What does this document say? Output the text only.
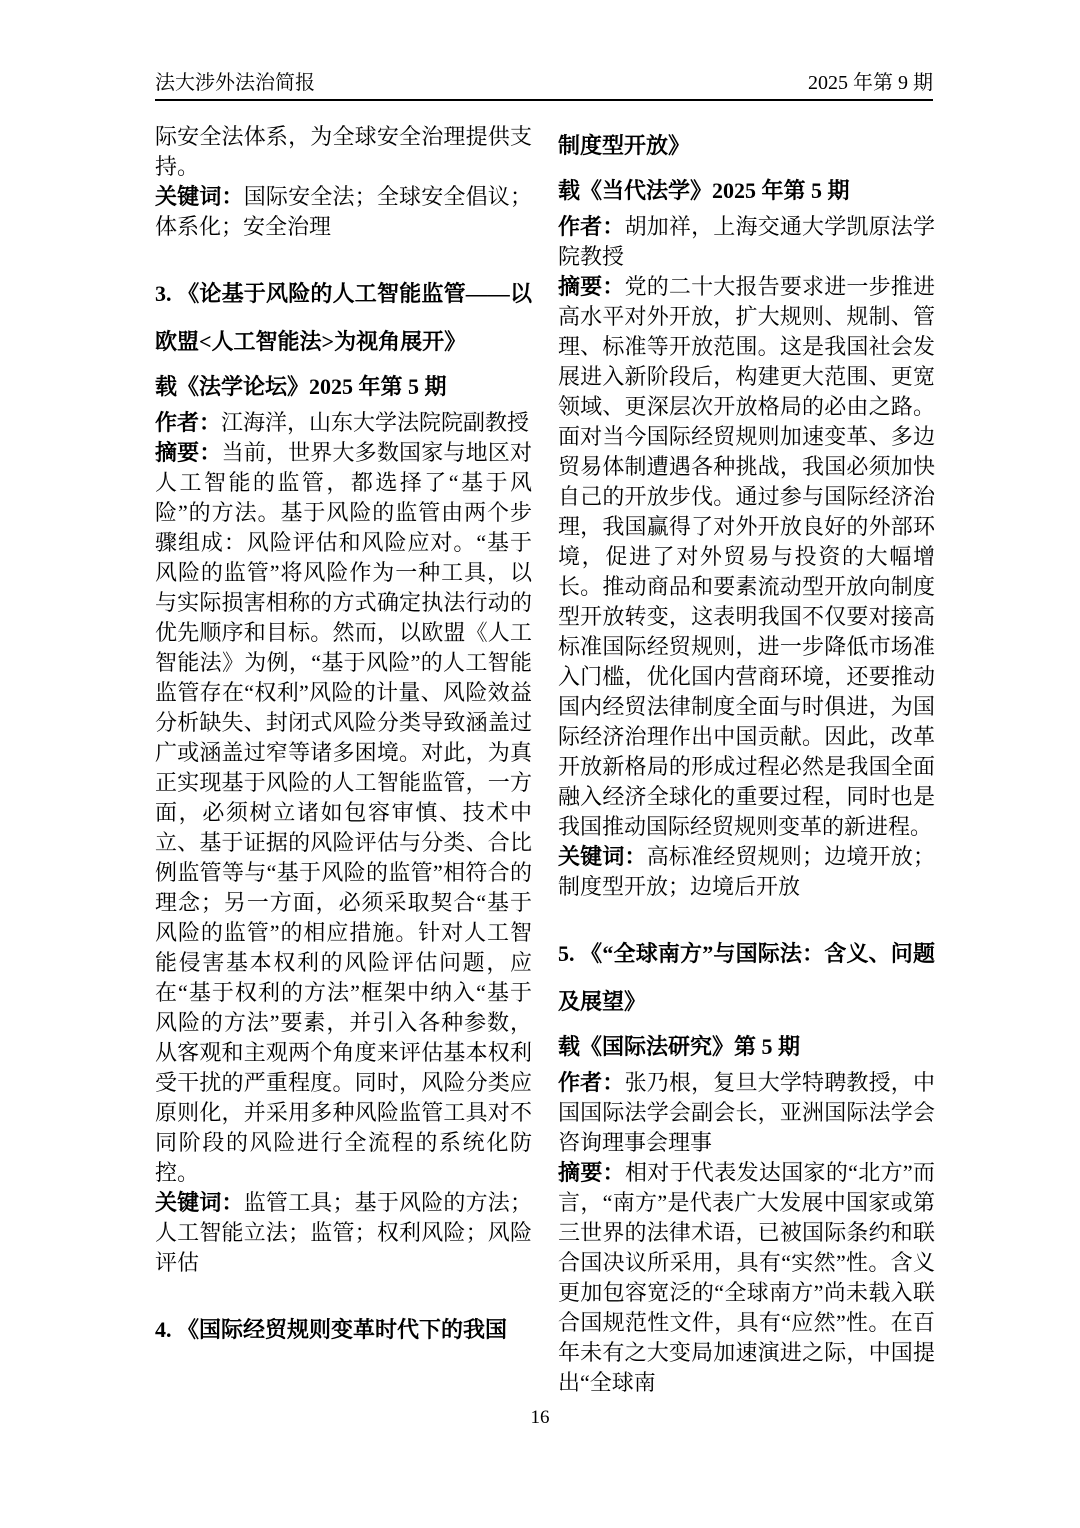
法大涉外法治简报	2025 年第 9 期

际安全法体系，为全球安全治理提供支持。

关键词：国际安全法；全球安全倡议；体系化；安全治理

3. 《论基于风险的人工智能监管——以欧盟<人工智能法>为视角展开》

载《法学论坛》2025 年第 5 期

作者：江海洋，山东大学法院院副教授

摘要：当前，世界大多数国家与地区对人工智能的监管，都选择了“基于风险”的方法。基于风险的监管由两个步骤组成：风险评估和风险应对。“基于风险的监管”将风险作为一种工具，以与实际损害相称的方式确定执法行动的优先顺序和目标。然而，以欧盟《人工智能法》为例，“基于风险”的人工智能监管存在“权利”风险的计量、风险效益分析缺失、封闭式风险分类导致涵盖过广或涵盖过窄等诸多困境。对此，为真正实现基于风险的人工智能监管，一方面，必须树立诸如包容审慎、技术中立、基于证据的风险评估与分类、合比例监管等与“基于风险的监管”相符合的理念；另一方面，必须采取契合“基于风险的监管”的相应措施。针对人工智能侵害基本权利的风险评估问题，应在“基于权利的方法”框架中纳入“基于风险的方法”要素，并引入各种参数，从客观和主观两个角度来评估基本权利受干扰的严重程度。同时，风险分类应原则化，并采用多种风险监管工具对不同阶段的风险进行全流程的系统化防控。

关键词：监管工具；基于风险的方法；人工智能立法；监管；权利风险；风险评估

4. 《国际经贸规则变革时代下的我国

制度型开放》

载《当代法学》2025 年第 5 期

作者：胡加祥，上海交通大学凯原法学院教授

摘要：党的二十大报告要求进一步推进高水平对外开放，扩大规则、规制、管理、标准等开放范围。这是我国社会发展进入新阶段后，构建更大范围、更宽领域、更深层次开放格局的必由之路。面对当今国际经贸规则加速变革、多边贸易体制遭遇各种挑战，我国必须加快自己的开放步伐。通过参与国际经济治理，我国赢得了对外开放良好的外部环境，促进了对外贸易与投资的大幅增长。推动商品和要素流动型开放向制度型开放转变，这表明我国不仅要对接高标准国际经贸规则，进一步降低市场准入门槛，优化国内营商环境，还要推动国内经贸法律制度全面与时俱进，为国际经济治理作出中国贡献。因此，改革开放新格局的形成过程必然是我国全面融入经济全球化的重要过程，同时也是我国推动国际经贸规则变革的新进程。

关键词：高标准经贸规则；边境开放；制度型开放；边境后开放

5. 《“全球南方”与国际法：含义、问题及展望》

载《国际法研究》第 5 期

作者：张乃根，复旦大学特聘教授，中国国际法学会副会长，亚洲国际法学会咨询理事会理事

摘要：相对于代表发达国家的“北方”而言，“南方”是代表广大发展中国家或第三世界的法律术语，已被国际条约和联合国决议所采用，具有“实然”性。含义更加包容宽泛的“全球南方”尚未载入联合国规范性文件，具有“应然”性。在百年未有之大变局加速演进之际，中国提出“全球南

16
